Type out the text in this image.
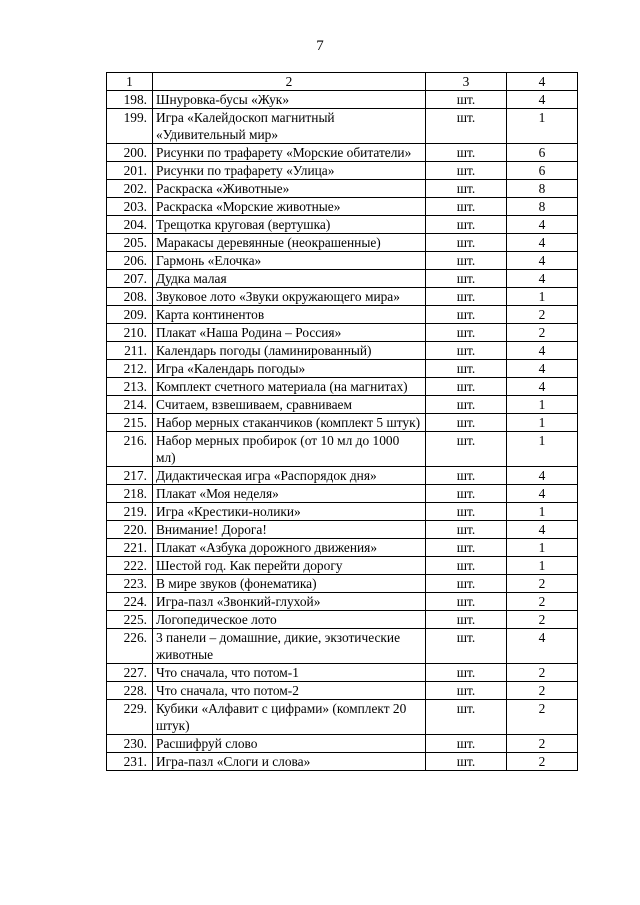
7
1	2	3	4
198.	Шнуровка-бусы «Жук»	шт.	4
199.	Игра «Калейдоскоп магнитный «Удивительный мир»	шт.	1
200.	Рисунки по трафарету «Морские обитатели»	шт.	6
201.	Рисунки по трафарету «Улица»	шт.	6
202.	Раскраска «Животные»	шт.	8
203.	Раскраска «Морские животные»	шт.	8
204.	Трещотка круговая (вертушка)	шт.	4
205.	Маракасы деревянные (неокрашенные)	шт.	4
206.	Гармонь «Елочка»	шт.	4
207.	Дудка малая	шт.	4
208.	Звуковое лото «Звуки окружающего мира»	шт.	1
209.	Карта континентов	шт.	2
210.	Плакат «Наша Родина – Россия»	шт.	2
211.	Календарь погоды (ламинированный)	шт.	4
212.	Игра «Календарь погоды»	шт.	4
213.	Комплект счетного материала (на магнитах)	шт.	4
214.	Считаем, взвешиваем, сравниваем	шт.	1
215.	Набор мерных стаканчиков (комплект 5 штук)	шт.	1
216.	Набор мерных пробирок (от 10 мл до 1000 мл)	шт.	1
217.	Дидактическая игра «Распорядок дня»	шт.	4
218.	Плакат «Моя неделя»	шт.	4
219.	Игра «Крестики-нолики»	шт.	1
220.	Внимание! Дорога!	шт.	4
221.	Плакат «Азбука дорожного движения»	шт.	1
222.	Шестой год. Как перейти дорогу	шт.	1
223.	В мире звуков (фонематика)	шт.	2
224.	Игра-пазл «Звонкий-глухой»	шт.	2
225.	Логопедическое лото	шт.	2
226.	3 панели – домашние, дикие, экзотические животные	шт.	4
227.	Что сначала, что потом-1	шт.	2
228.	Что сначала, что потом-2	шт.	2
229.	Кубики «Алфавит с цифрами» (комплект 20 штук)	шт.	2
230.	Расшифруй слово	шт.	2
231.	Игра-пазл «Слоги и слова»	шт.	2
